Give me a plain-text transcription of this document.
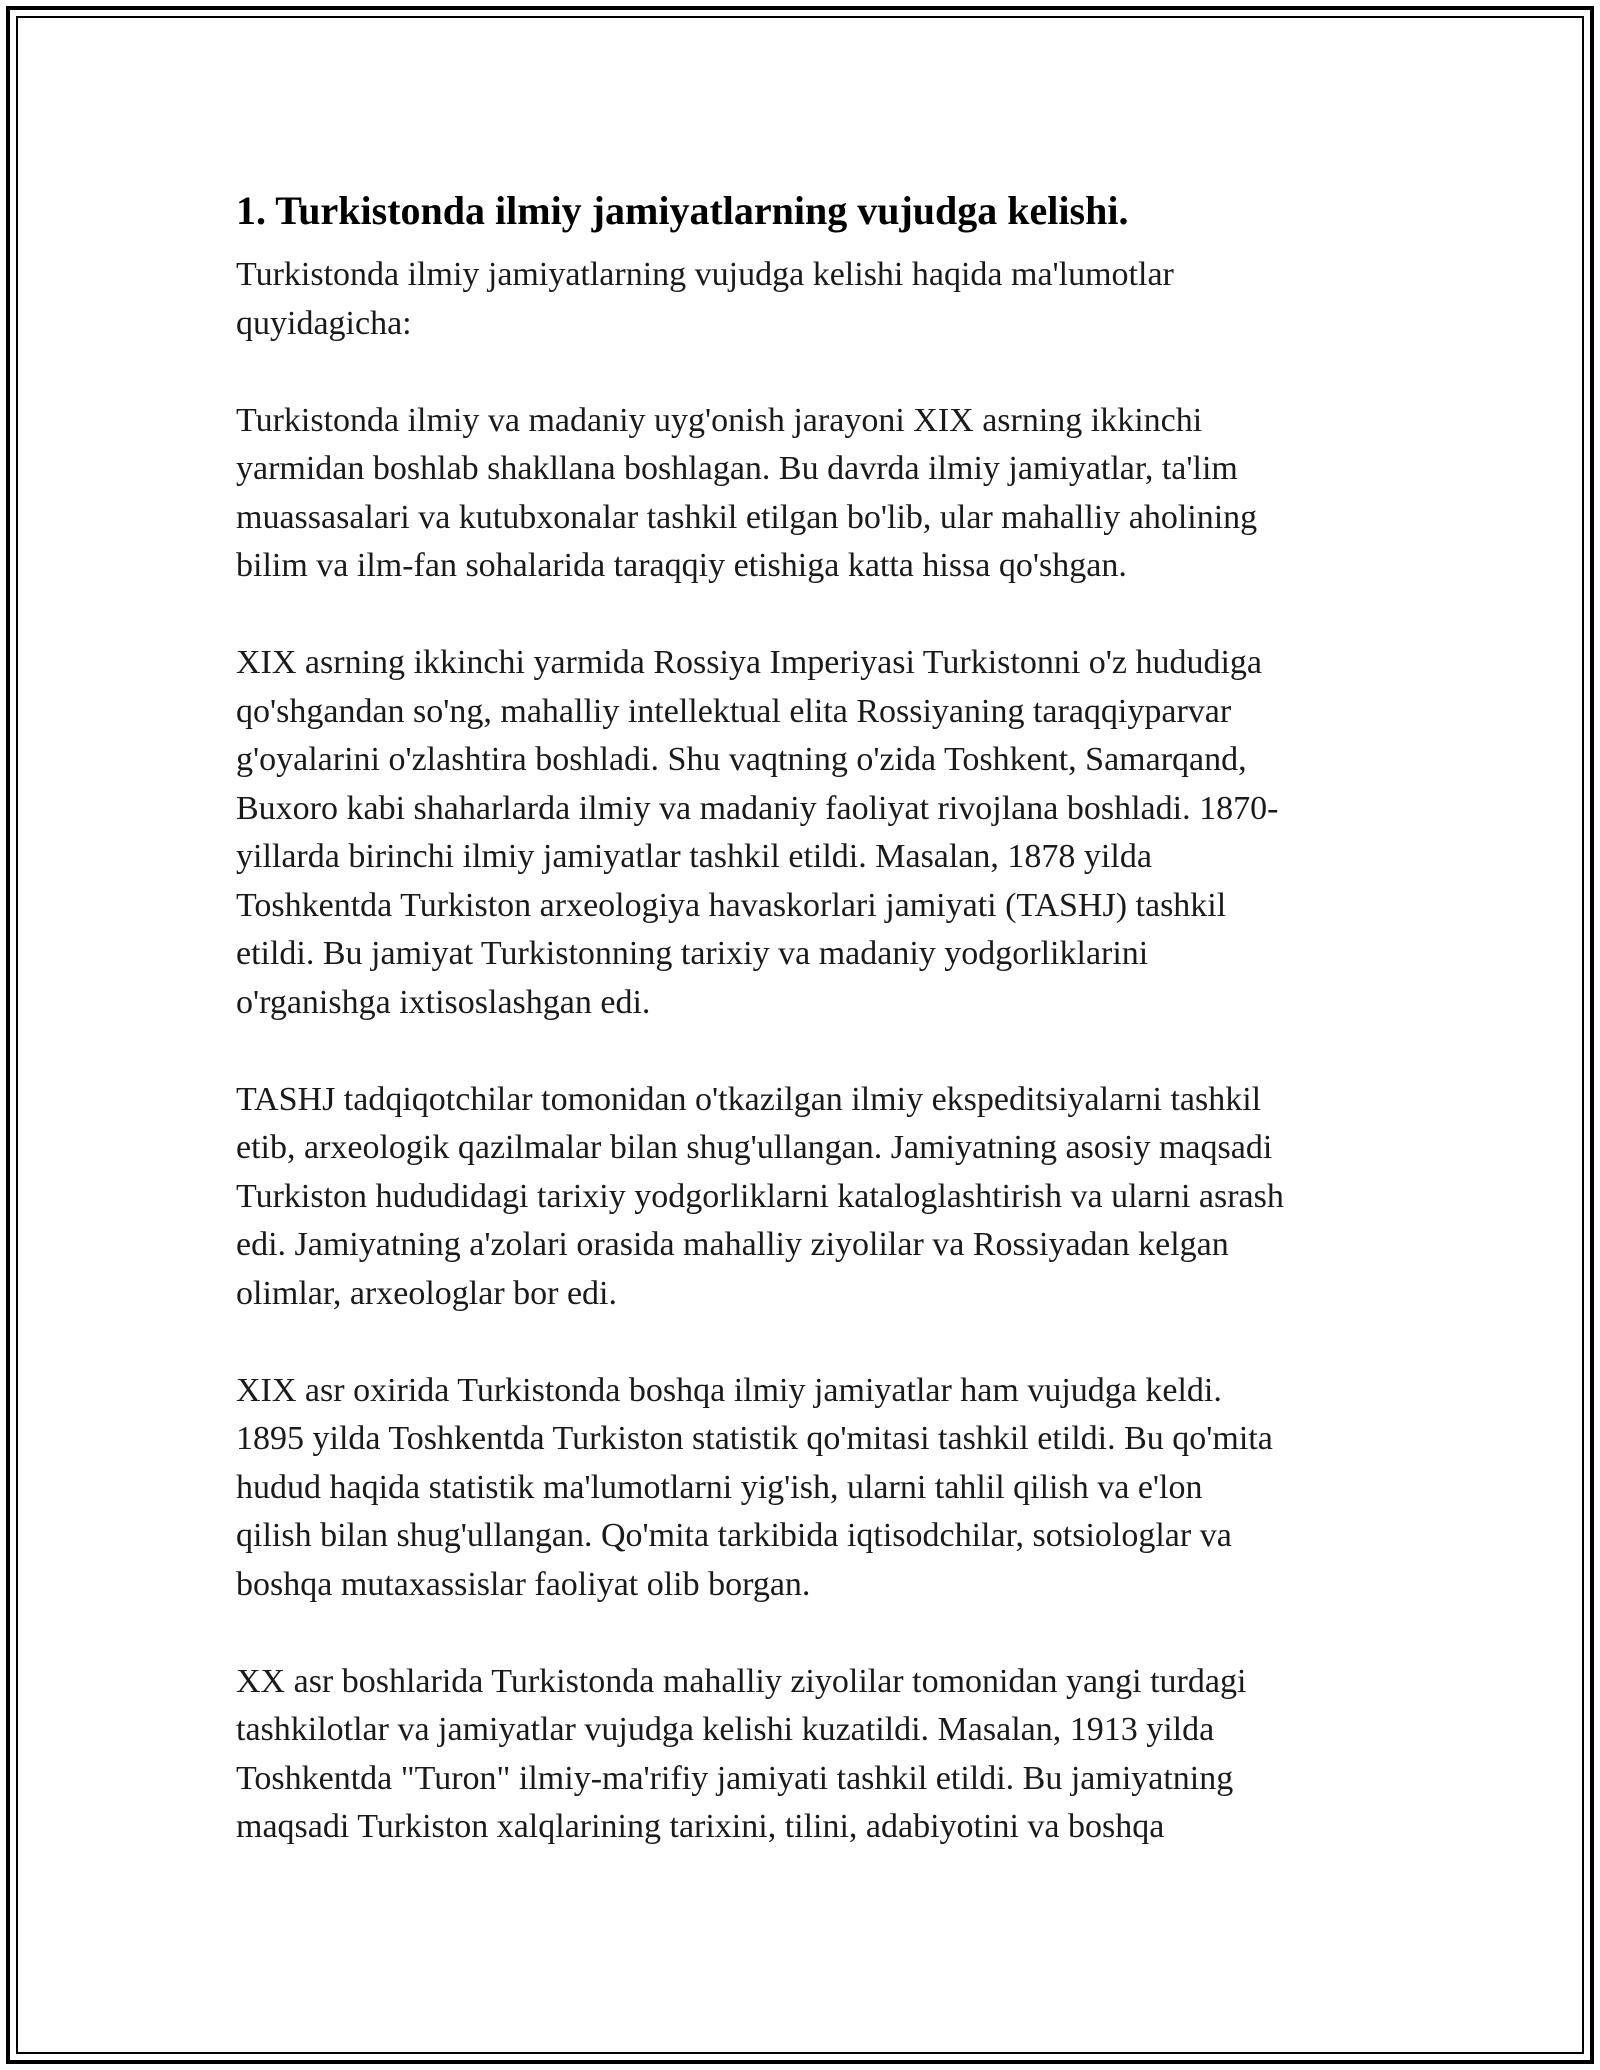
1. Turkistonda ilmiy jamiyatlarning vujudga kelishi.

Turkistonda ilmiy jamiyatlarning vujudga kelishi haqida ma'lumotlar
quyidagicha:

Turkistonda ilmiy va madaniy uyg'onish jarayoni XIX asrning ikkinchi
yarmidan boshlab shakllana boshlagan. Bu davrda ilmiy jamiyatlar, ta'lim
muassasalari va kutubxonalar tashkil etilgan bo'lib, ular mahalliy aholining
bilim va ilm-fan sohalarida taraqqiy etishiga katta hissa qo'shgan.

XIX asrning ikkinchi yarmida Rossiya Imperiyasi Turkistonni o'z hududiga
qo'shgandan so'ng, mahalliy intellektual elita Rossiyaning taraqqiyparvar
g'oyalarini o'zlashtira boshladi. Shu vaqtning o'zida Toshkent, Samarqand,
Buxoro kabi shaharlarda ilmiy va madaniy faoliyat rivojlana boshladi. 1870-
yillarda birinchi ilmiy jamiyatlar tashkil etildi. Masalan, 1878 yilda
Toshkentda Turkiston arxeologiya havaskorlari jamiyati (TASHJ) tashkil
etildi. Bu jamiyat Turkistonning tarixiy va madaniy yodgorliklarini
o'rganishga ixtisoslashgan edi.

TASHJ tadqiqotchilar tomonidan o'tkazilgan ilmiy ekspeditsiyalarni tashkil
etib, arxeologik qazilmalar bilan shug'ullangan. Jamiyatning asosiy maqsadi
Turkiston hududidagi tarixiy yodgorliklarni kataloglashtirish va ularni asrash
edi. Jamiyatning a'zolari orasida mahalliy ziyolilar va Rossiyadan kelgan
olimlar, arxeologlar bor edi.

XIX asr oxirida Turkistonda boshqa ilmiy jamiyatlar ham vujudga keldi.
1895 yilda Toshkentda Turkiston statistik qo'mitasi tashkil etildi. Bu qo'mita
hudud haqida statistik ma'lumotlarni yig'ish, ularni tahlil qilish va e'lon
qilish bilan shug'ullangan. Qo'mita tarkibida iqtisodchilar, sotsiologlar va
boshqa mutaxassislar faoliyat olib borgan.

XX asr boshlarida Turkistonda mahalliy ziyolilar tomonidan yangi turdagi
tashkilotlar va jamiyatlar vujudga kelishi kuzatildi. Masalan, 1913 yilda
Toshkentda "Turon" ilmiy-ma'rifiy jamiyati tashkil etildi. Bu jamiyatning
maqsadi Turkiston xalqlarining tarixini, tilini, adabiyotini va boshqa
